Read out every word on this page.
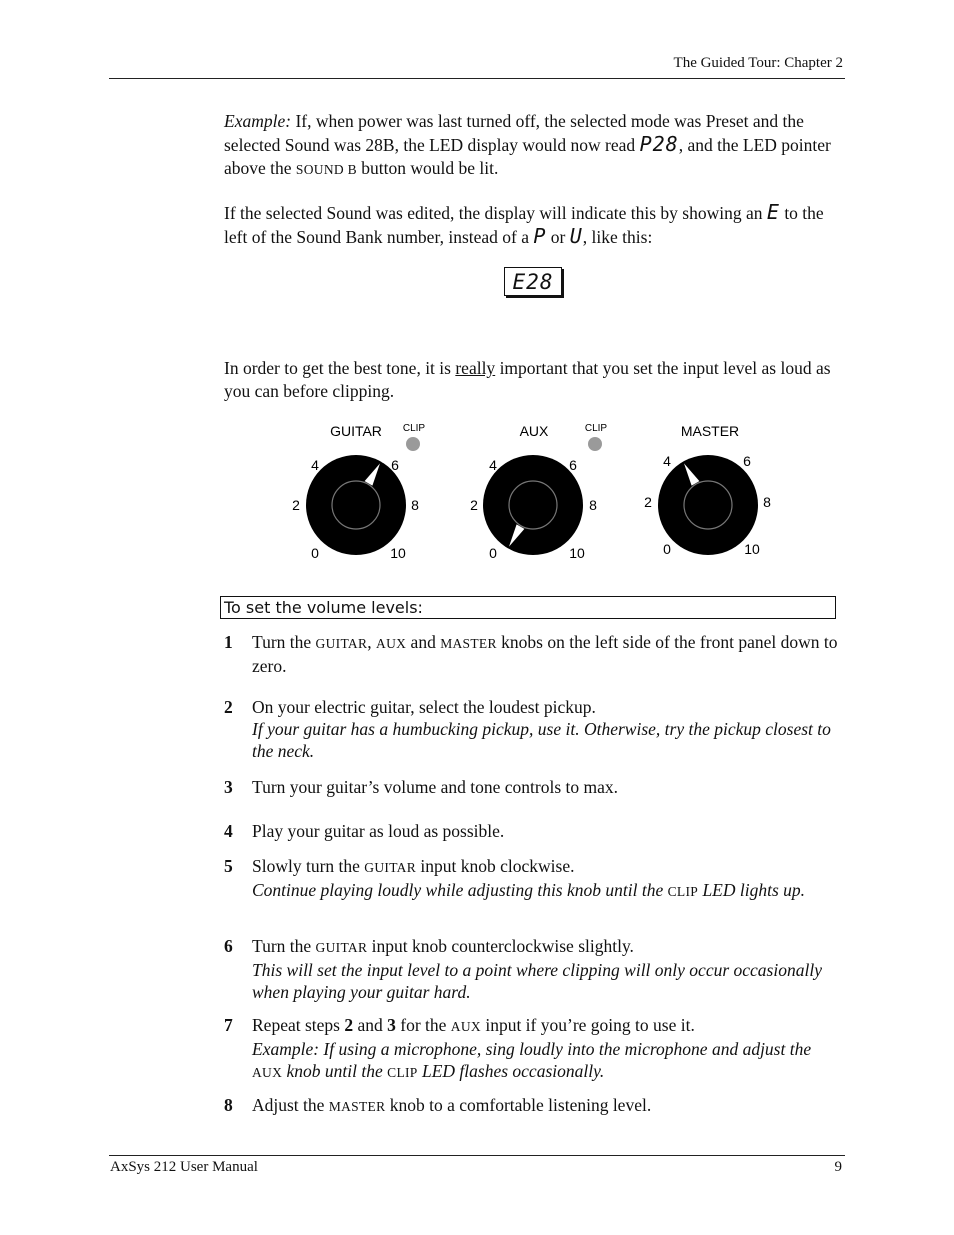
The Guided Tour: Chapter 2
Example: If, when power was last turned off, the selected mode was Preset and the selected Sound was 28B, the LED display would now read P28, and the LED pointer above the SOUND B button would be lit.
If the selected Sound was edited, the display will indicate this by showing an E to the left of the Sound Bank number, instead of a P or U, like this:
E28
In order to get the best tone, it is really important that you set the input level as loud as you can before clipping.
GUITAR CLIP
4	6
2	8
0	10
AUX	CLIP
4	6
2	8
0	10
MASTER
4	6
2	8
0	10
To set the volume levels:
1 Turn the GUITAR, AUX and MASTER knobs on the left side of the front panel down to zero.
2 On your electric guitar, select the loudest pickup.
If your guitar has a humbucking pickup, use it. Otherwise, try the pickup closest to the neck.
3 Turn your guitar’s volume and tone controls to max.
4 Play your guitar as loud as possible.
5 Slowly turn the GUITAR input knob clockwise.
Continue playing loudly while adjusting this knob until the CLIP LED lights up.
6 Turn the GUITAR input knob counterclockwise slightly.
This will set the input level to a point where clipping will only occur occasionally when playing your guitar hard.
7 Repeat steps 2 and 3 for the AUX input if you’re going to use it.
Example: If using a microphone, sing loudly into the microphone and adjust the AUX knob until the CLIP LED flashes occasionally.
8 Adjust the MASTER knob to a comfortable listening level.
AxSys 212 User Manual	9
